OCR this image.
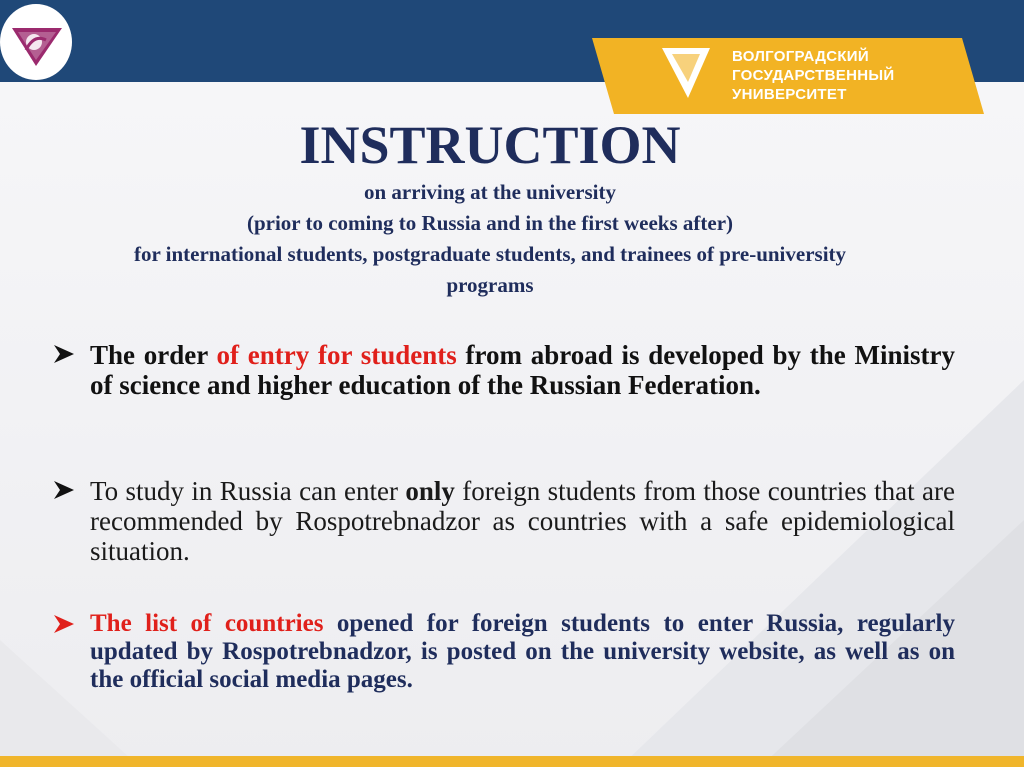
ВОЛГОГРАДСКИЙ
ГОСУДАРСТВЕННЫЙ
УНИВЕРСИТЕТ
INSTRUCTION
on arriving at the university
(prior to coming to Russia and in the first weeks after)
for international students, postgraduate students, and trainees of pre-university
programs
The order of entry for students from abroad is developed by the Ministry of science and higher education of the Russian Federation.
To study in Russia can enter only foreign students from those countries that are recommended by Rospotrebnadzor as countries with a safe epidemiological situation.
The list of countries opened for foreign students to enter Russia, regularly updated by Rospotrebnadzor, is posted on the university website, as well as on the official social media pages.
